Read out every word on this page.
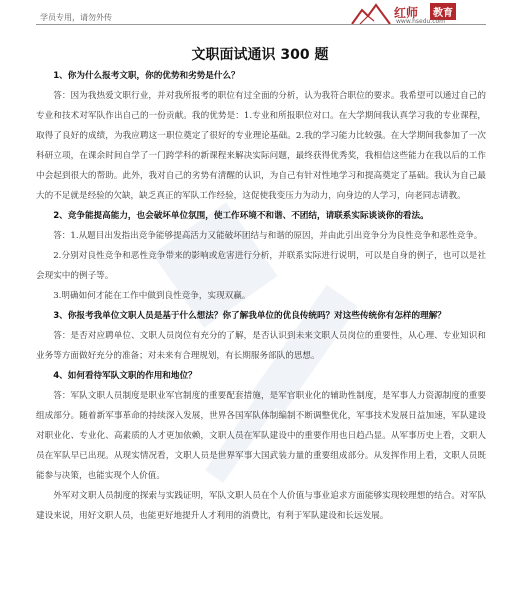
学员专用，请勿外传	红师	教育
www.hsedu.com
文职面试通识 300 题

1、你为什么报考文职，你的优势和劣势是什么？

答：因为我热爱文职行业，并对我所报考的职位有过全面的分析，认为我符合职位的要求。我希望可以通过自己的专业和技术对军队作出自己的一份贡献。我的优势是：1.专业和所报职位对口。在大学期间我认真学习我的专业课程，取得了良好的成绩，为我应聘这一职位奠定了很好的专业理论基础。2.我的学习能力比较强。在大学期间我参加了一次科研立项，在课余时间自学了一门跨学科的新课程来解决实际问题，最终获得优秀奖，我相信这些能力在我以后的工作中会起到很大的帮助。此外，我对自己的劣势有清醒的认识，为自己有针对性地学习和提高奠定了基础。我认为自己最大的不足就是经验的欠缺，缺乏真正的军队工作经验，这促使我变压力为动力，向身边的人学习，向老同志请教。

2、竞争能提高能力，也会破坏单位氛围，使工作环境不和谐、不团结，请联系实际谈谈你的看法。

答：1.从题目出发指出竞争能够提高活力又能破坏团结与和谐的原因，并由此引出竞争分为良性竞争和恶性竞争。

2.分别对良性竞争和恶性竞争带来的影响或危害进行分析，并联系实际进行说明，可以是自身的例子，也可以是社会现实中的例子等。

3.明确如何才能在工作中做到良性竞争，实现双赢。

3、你报考我单位文职人员是基于什么想法？你了解我单位的优良传统吗？对这些传统你有怎样的理解？

答：是否对应聘单位、文职人员岗位有充分的了解，是否认识到未来文职人员岗位的重要性，从心理、专业知识和业务等方面做好充分的准备；对未来有合理规划，有长期服务部队的思想。

4、如何看待军队文职的作用和地位？

答：军队文职人员制度是职业军官制度的重要配套措施，是军官职业化的辅助性制度，是军事人力资源制度的重要组成部分。随着新军事革命的持续深入发展，世界各国军队体制编制不断调整优化，军事技术发展日益加速，军队建设对职业化、专业化、高素质的人才更加依赖，文职人员在军队建设中的重要作用也日趋凸显。从军事历史上看，文职人员在军队早已出现。从现实情况看，文职人员是世界军事大国武装力量的重要组成部分。从发挥作用上看，文职人员既能参与决策，也能实现个人价值。

外军对文职人员制度的探索与实践证明，军队文职人员在个人价值与事业追求方面能够实现较理想的结合。对军队建设来说，用好文职人员，也能更好地提升人才利用的消费比，有利于军队建设和长远发展。
